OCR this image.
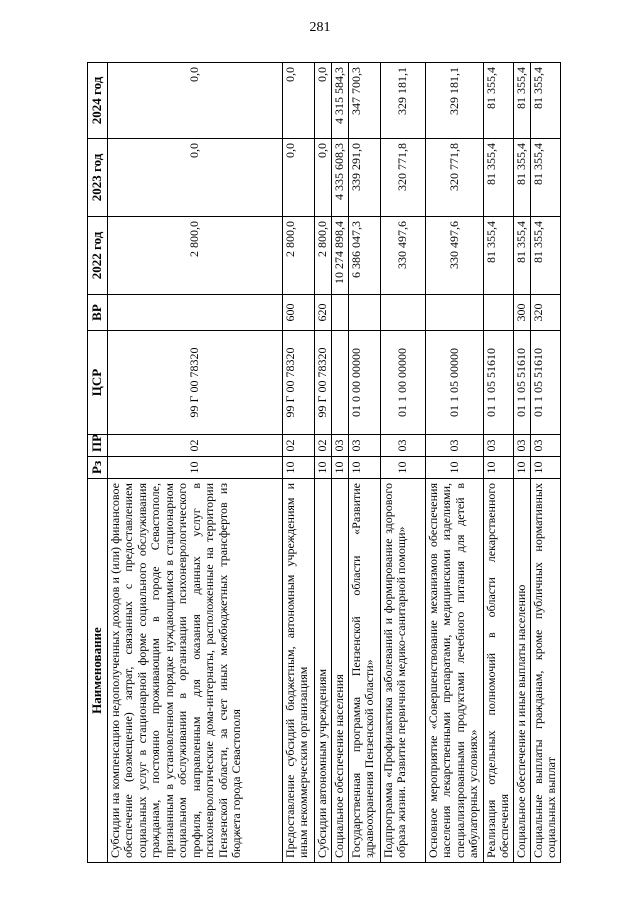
281
Наименование	Рз	ПР	ЦСР	ВР	2022 год	2023 год	2024 год
Субсидии на компенсацию недополученных доходов и (или) финансовое обеспечение (возмещение) затрат, связанных с предоставлением социальных услуг в стационарной форме социального обслуживания гражданам, постоянно проживающим в городе Севастополе, признанным в установленном порядке нуждающимися в стационарном социальном обслуживании в организации психоневрологического профиля, направленным для оказания данных услуг в психоневрологические дома-интернаты, расположенные на территории Пензенской области, за счет иных межбюджетных трансфертов из бюджета города Севастополя	10	02	99 Г 00 78320		2 800,0	0,0	0,0
Предоставление субсидий бюджетным, автономным учреждениям и иным некоммерческим организациям	10	02	99 Г 00 78320	600	2 800,0	0,0	0,0
Субсидии автономным учреждениям	10	02	99 Г 00 78320	620	2 800,0	0,0	0,0
Социальное обеспечение населения	10	03			10 274 898,4	4 335 608,3	4 315 584,3
Государственная программа Пензенской области «Развитие здравоохранения Пензенской области»	10	03	01 0 00 00000		6 386 047,3	339 291,0	347 700,3
Подпрограмма «Профилактика заболеваний и формирование здорового образа жизни. Развитие первичной медико-санитарной помощи»	10	03	01 1 00 00000		330 497,6	320 771,8	329 181,1
Основное мероприятие «Совершенствование механизмов обеспечения населения лекарственными препаратами, медицинскими изделиями, специализированными продуктами лечебного питания для детей в амбулаторных условиях»	10	03	01 1 05 00000		330 497,6	320 771,8	329 181,1
Реализация отдельных полномочий в области лекарственного обеспечения	10	03	01 1 05 51610		81 355,4	81 355,4	81 355,4
Социальное обеспечение и иные выплаты населению	10	03	01 1 05 51610	300	81 355,4	81 355,4	81 355,4
Социальные выплаты гражданам, кроме публичных нормативных социальных выплат	10	03	01 1 05 51610	320	81 355,4	81 355,4	81 355,4
